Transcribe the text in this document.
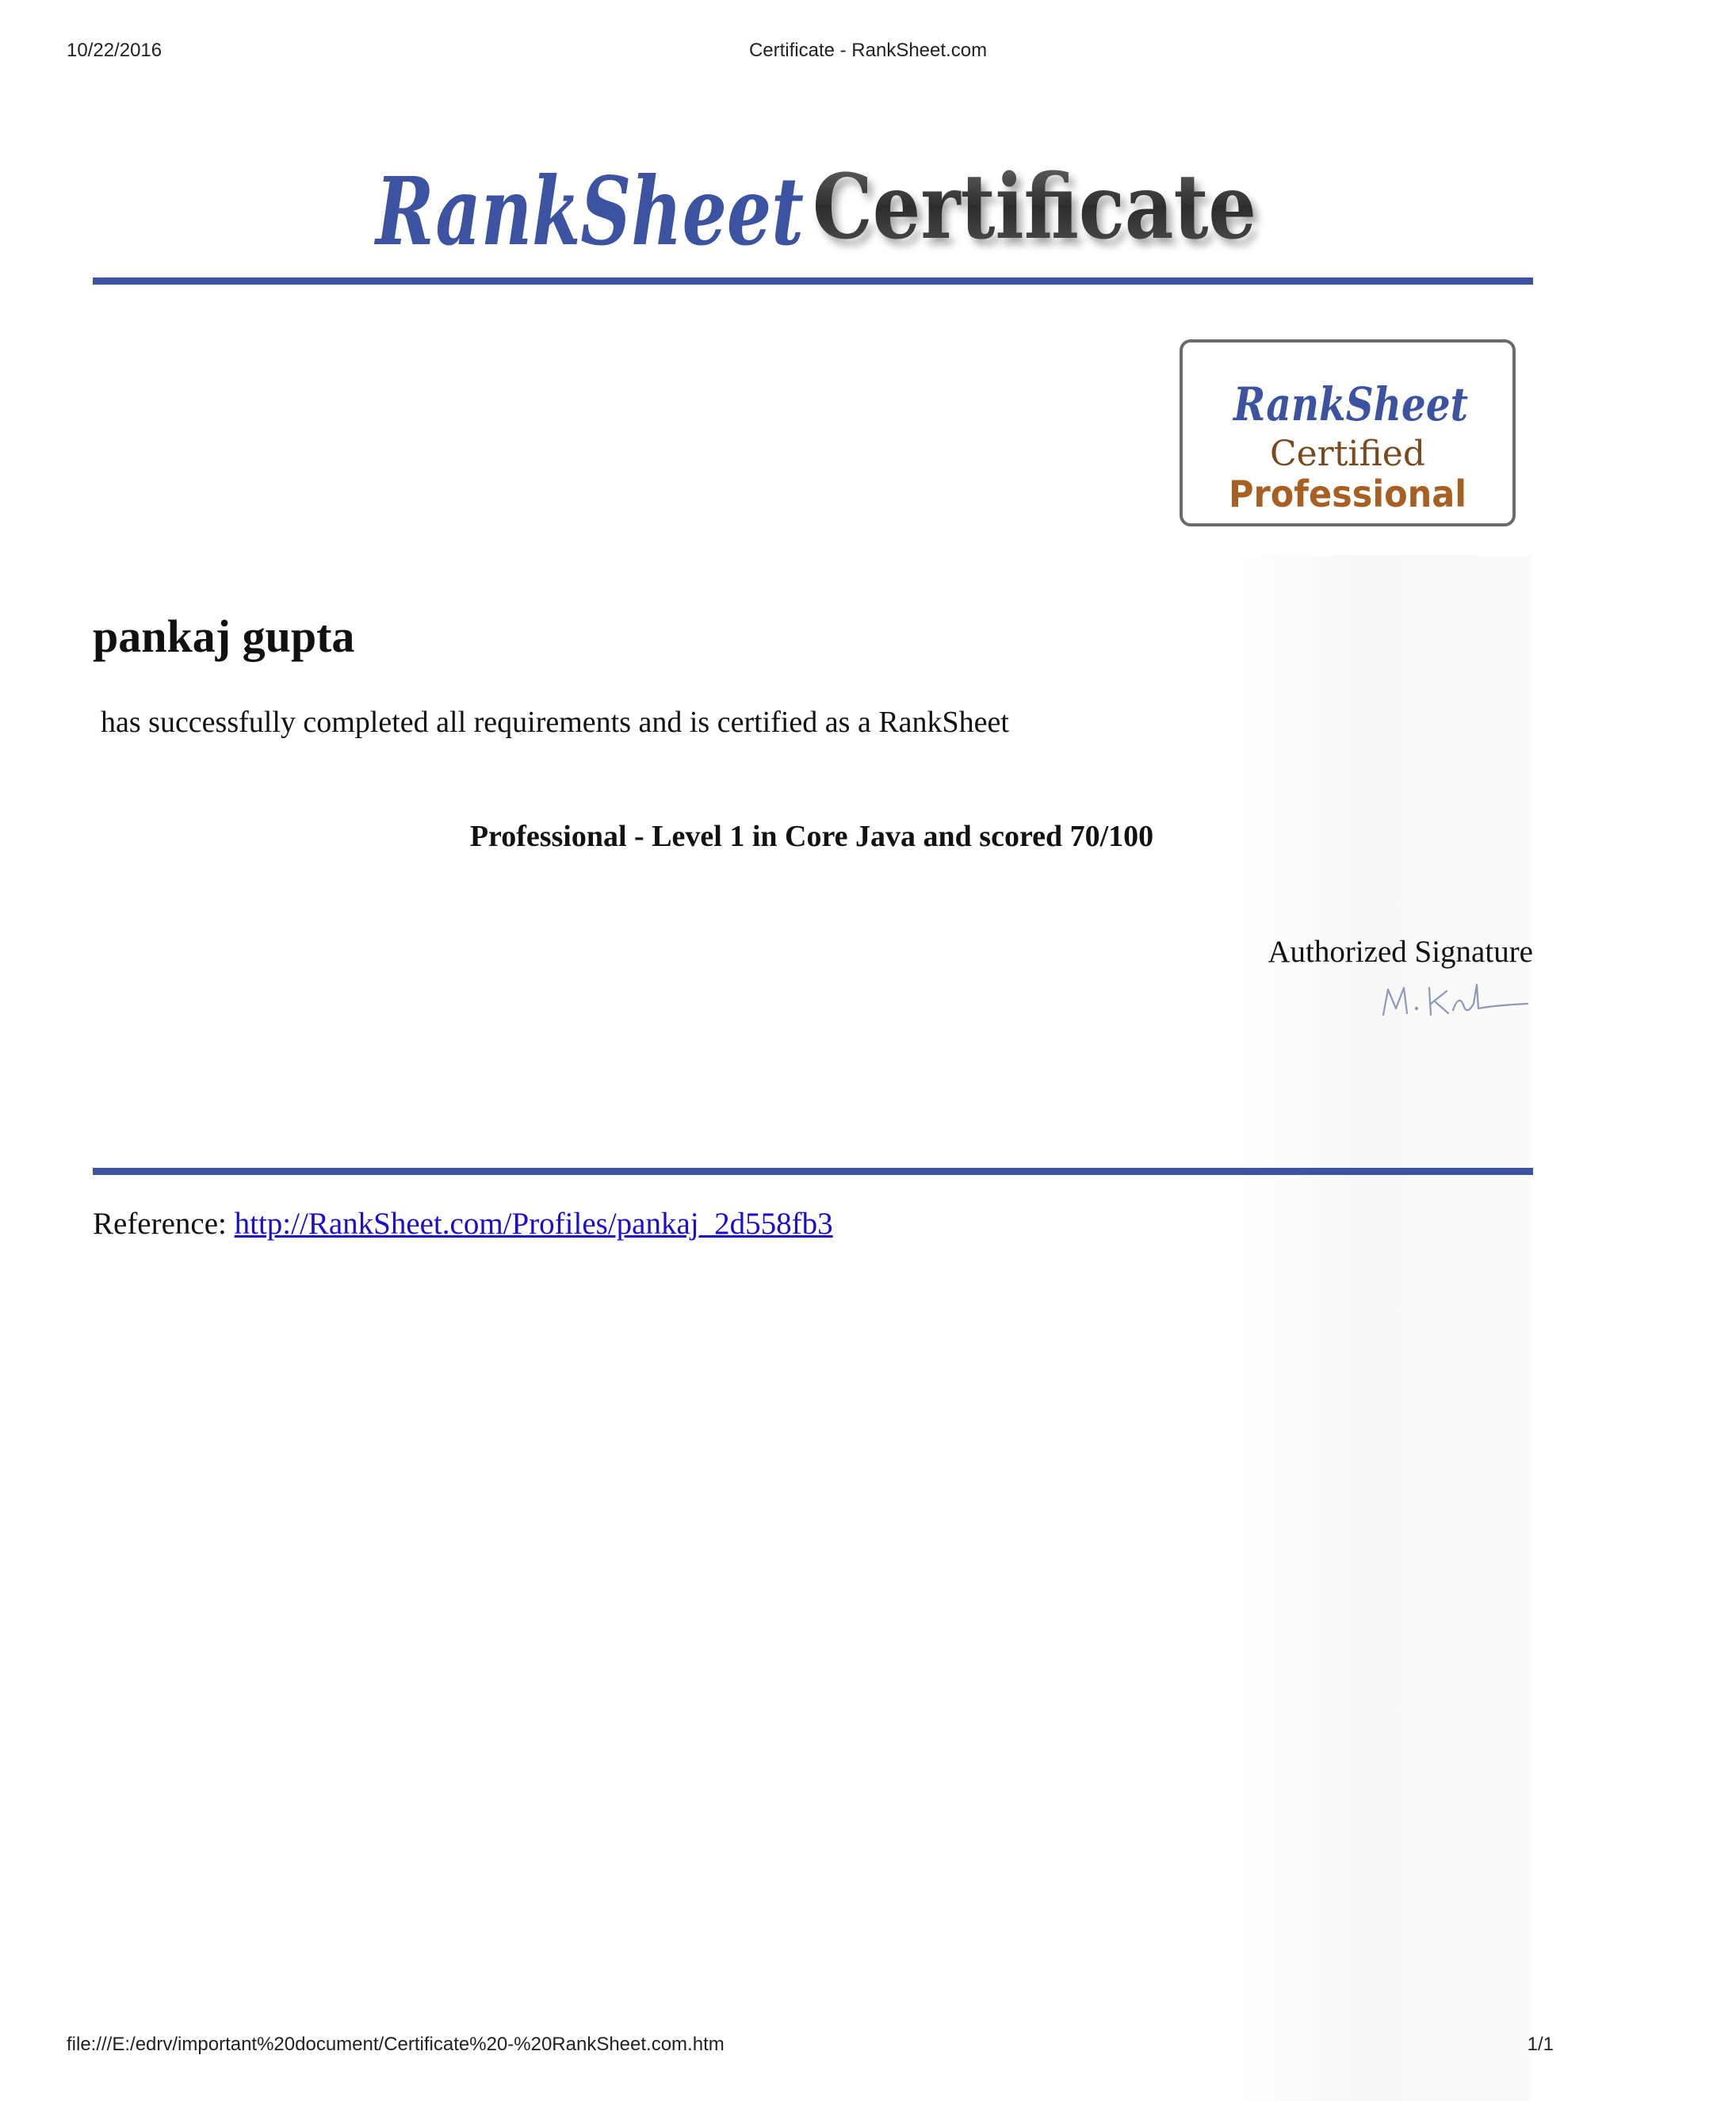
10/22/2016	Certificate - RankSheet.com
RankSheet Certificate
RankSheet
Certified
Professional
pankaj gupta
has successfully completed all requirements and is certified as a RankSheet
Professional - Level 1 in Core Java and scored 70/100
Authorized Signature
Reference: http://RankSheet.com/Profiles/pankaj_2d558fb3
file:///E:/edrv/important%20document/Certificate%20-%20RankSheet.com.htm	1/1
